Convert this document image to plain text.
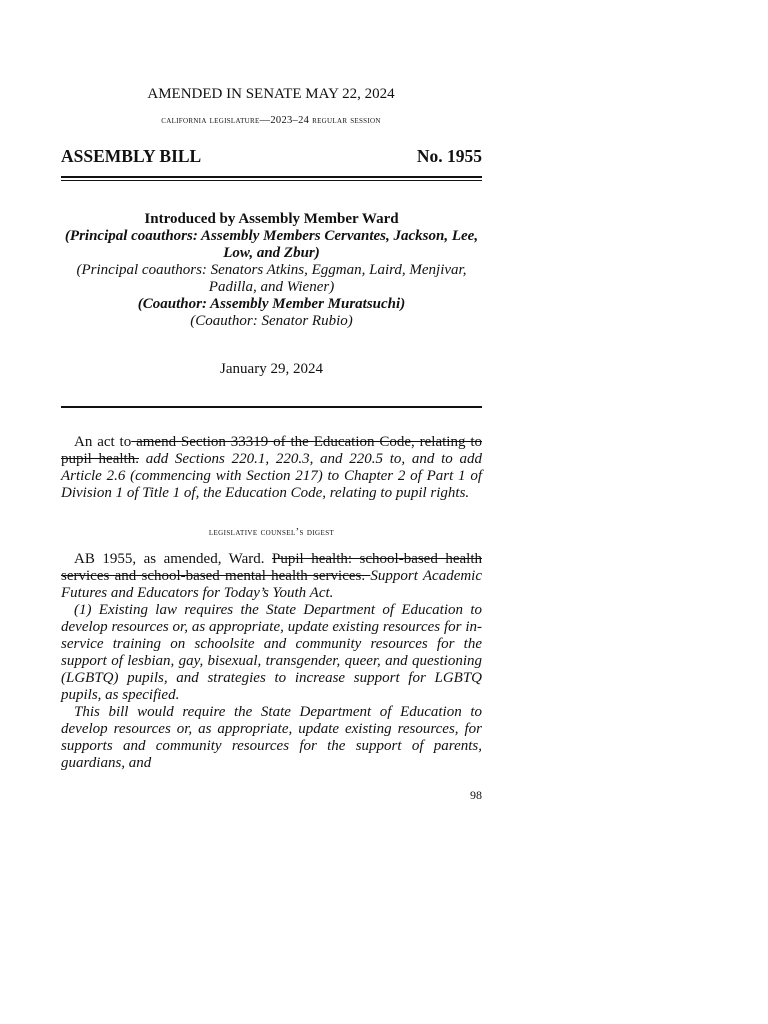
AMENDED IN SENATE MAY 22, 2024
california legislature—2023–24 regular session
ASSEMBLY BILL	No. 1955
Introduced by Assembly Member Ward
(Principal coauthors: Assembly Members Cervantes, Jackson, Lee, Low, and Zbur)
(Principal coauthors: Senators Atkins, Eggman, Laird, Menjivar, Padilla, and Wiener)
(Coauthor: Assembly Member Muratsuchi)
(Coauthor: Senator Rubio)
January 29, 2024

An act to amend Section 33319 of the Education Code, relating to pupil health. add Sections 220.1, 220.3, and 220.5 to, and to add Article 2.6 (commencing with Section 217) to Chapter 2 of Part 1 of Division 1 of Title 1 of, the Education Code, relating to pupil rights.

legislative counsel’s digest

AB 1955, as amended, Ward. Pupil health: school-based health services and school-based mental health services. Support Academic Futures and Educators for Today’s Youth Act.

(1) Existing law requires the State Department of Education to develop resources or, as appropriate, update existing resources for in-service training on schoolsite and community resources for the support of lesbian, gay, bisexual, transgender, queer, and questioning (LGBTQ) pupils, and strategies to increase support for LGBTQ pupils, as specified.

This bill would require the State Department of Education to develop resources or, as appropriate, update existing resources, for supports and community resources for the support of parents, guardians, and

98
